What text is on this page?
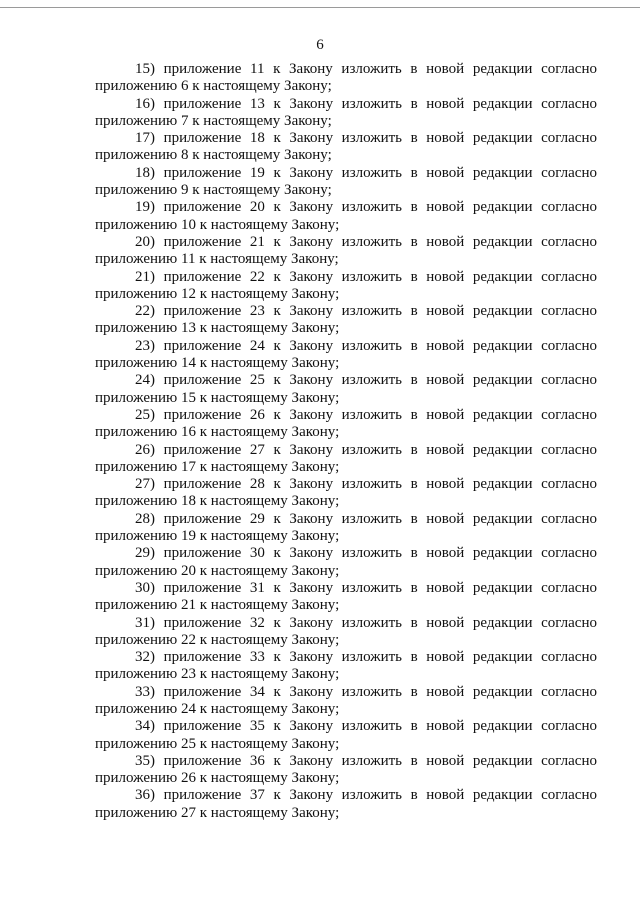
6
15) приложение 11 к Закону изложить в новой редакции согласно
приложению 6 к настоящему Закону;
16) приложение 13 к Закону изложить в новой редакции согласно
приложению 7 к настоящему Закону;
17) приложение 18 к Закону изложить в новой редакции согласно
приложению 8 к настоящему Закону;
18) приложение 19 к Закону изложить в новой редакции согласно
приложению 9 к настоящему Закону;
19) приложение 20 к Закону изложить в новой редакции согласно
приложению 10 к настоящему Закону;
20) приложение 21 к Закону изложить в новой редакции согласно
приложению 11 к настоящему Закону;
21) приложение 22 к Закону изложить в новой редакции согласно
приложению 12 к настоящему Закону;
22) приложение 23 к Закону изложить в новой редакции согласно
приложению 13 к настоящему Закону;
23) приложение 24 к Закону изложить в новой редакции согласно
приложению 14 к настоящему Закону;
24) приложение 25 к Закону изложить в новой редакции согласно
приложению 15 к настоящему Закону;
25) приложение 26 к Закону изложить в новой редакции согласно
приложению 16 к настоящему Закону;
26) приложение 27 к Закону изложить в новой редакции согласно
приложению 17 к настоящему Закону;
27) приложение 28 к Закону изложить в новой редакции согласно
приложению 18 к настоящему Закону;
28) приложение 29 к Закону изложить в новой редакции согласно
приложению 19 к настоящему Закону;
29) приложение 30 к Закону изложить в новой редакции согласно
приложению 20 к настоящему Закону;
30) приложение 31 к Закону изложить в новой редакции согласно
приложению 21 к настоящему Закону;
31) приложение 32 к Закону изложить в новой редакции согласно
приложению 22 к настоящему Закону;
32) приложение 33 к Закону изложить в новой редакции согласно
приложению 23 к настоящему Закону;
33) приложение 34 к Закону изложить в новой редакции согласно
приложению 24 к настоящему Закону;
34) приложение 35 к Закону изложить в новой редакции согласно
приложению 25 к настоящему Закону;
35) приложение 36 к Закону изложить в новой редакции согласно
приложению 26 к настоящему Закону;
36) приложение 37 к Закону изложить в новой редакции согласно
приложению 27 к настоящему Закону;
